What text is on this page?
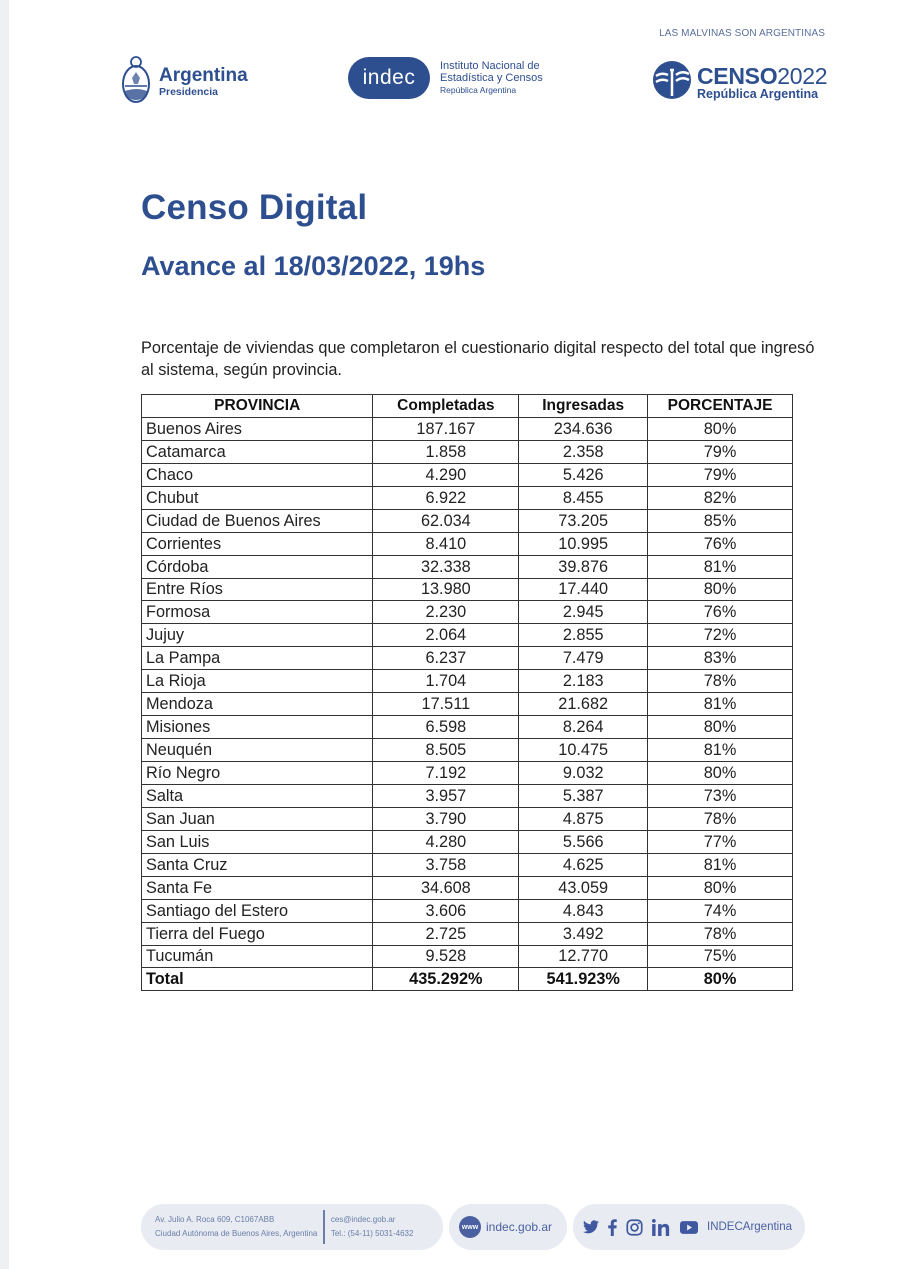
LAS MALVINAS SON ARGENTINAS
Argentina
Presidencia
indec	Instituto Nacional de
Estadística y Censos
República Argentina
CENSO2022
República Argentina
Censo Digital
Avance al 18/03/2022, 19hs
Porcentaje de viviendas que completaron el cuestionario digital respecto del total que ingresó al sistema, según provincia.
PROVINCIA	Completadas	Ingresadas	PORCENTAJE
Buenos Aires	187.167	234.636	80%
Catamarca	1.858	2.358	79%
Chaco	4.290	5.426	79%
Chubut	6.922	8.455	82%
Ciudad de Buenos Aires	62.034	73.205	85%
Corrientes	8.410	10.995	76%
Córdoba	32.338	39.876	81%
Entre Ríos	13.980	17.440	80%
Formosa	2.230	2.945	76%
Jujuy	2.064	2.855	72%
La Pampa	6.237	7.479	83%
La Rioja	1.704	2.183	78%
Mendoza	17.511	21.682	81%
Misiones	6.598	8.264	80%
Neuquén	8.505	10.475	81%
Río Negro	7.192	9.032	80%
Salta	3.957	5.387	73%
San Juan	3.790	4.875	78%
San Luis	4.280	5.566	77%
Santa Cruz	3.758	4.625	81%
Santa Fe	34.608	43.059	80%
Santiago del Estero	3.606	4.843	74%
Tierra del Fuego	2.725	3.492	78%
Tucumán	9.528	12.770	75%
Total	435.292%	541.923%	80%
Av. Julio A. Roca 609, C1067ABB
Ciudad Autónoma de Buenos Aires, Argentina
ces@indec.gob.ar
Tel.: (54-11) 5031-4632
www indec.gob.ar	INDECArgentina
